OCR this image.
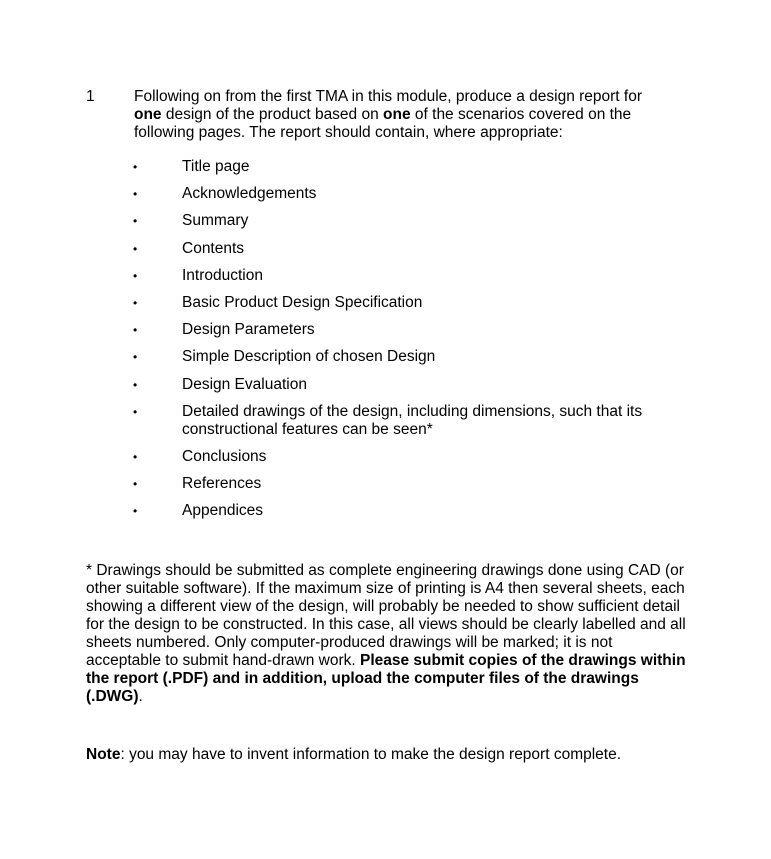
1	Following on from the first TMA in this module, produce a design report for one design of the product based on one of the scenarios covered on the following pages. The report should contain, where appropriate:
•	Title page
•	Acknowledgements
•	Summary
•	Contents
•	Introduction
•	Basic Product Design Specification
•	Design Parameters
•	Simple Description of chosen Design
•	Design Evaluation
•	Detailed drawings of the design, including dimensions, such that its constructional features can be seen*
•	Conclusions
•	References
•	Appendices
* Drawings should be submitted as complete engineering drawings done using CAD (or other suitable software). If the maximum size of printing is A4 then several sheets, each showing a different view of the design, will probably be needed to show sufficient detail for the design to be constructed. In this case, all views should be clearly labelled and all sheets numbered. Only computer-produced drawings will be marked; it is not acceptable to submit hand-drawn work. Please submit copies of the drawings within the report (.PDF) and in addition, upload the computer files of the drawings (.DWG).
Note: you may have to invent information to make the design report complete.
